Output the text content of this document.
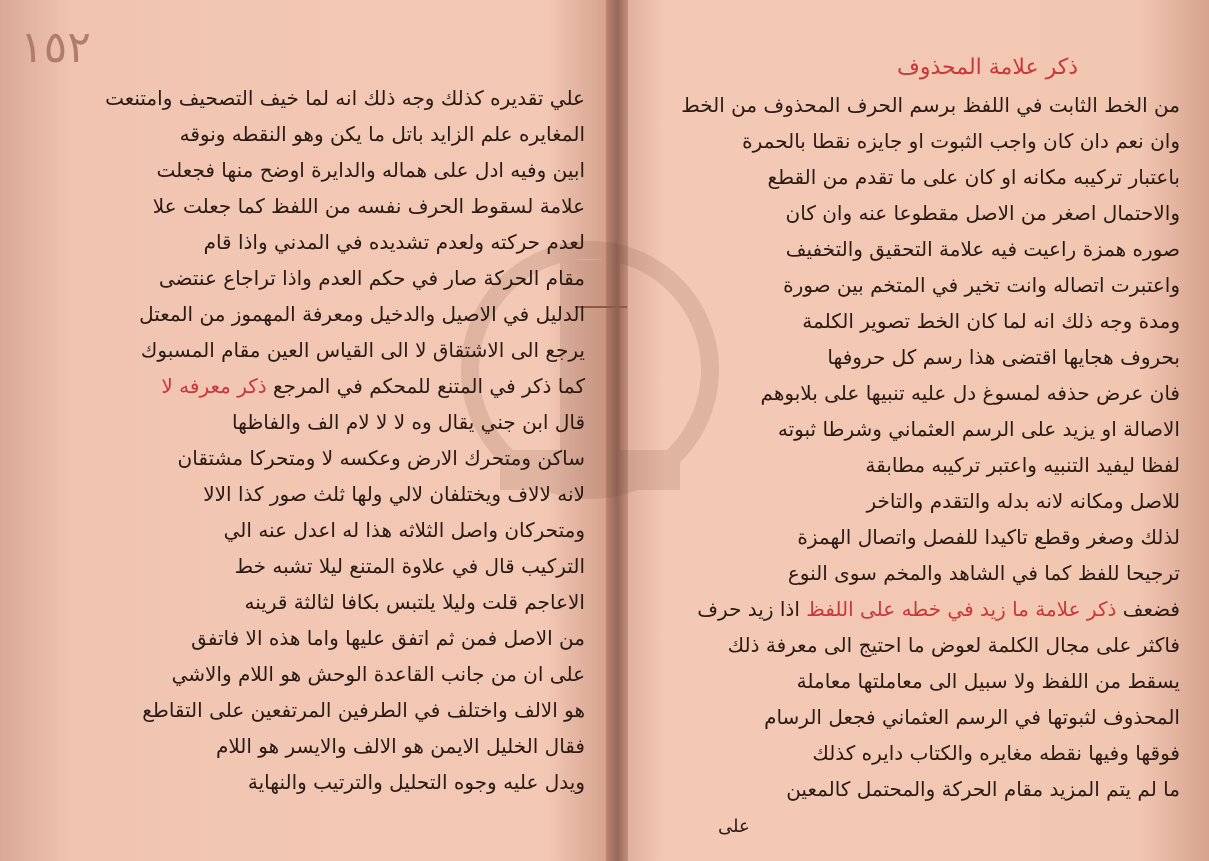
١٥٢
علي تقديره كذلك وجه ذلك انه لما خيف التصحيف وامتنعت
المغايره علم الزايد باتل ما يكن وهو النقطه ونوقه
ابين وفيه ادل على هماله والدايرة اوضح منها فجعلت
علامة لسقوط الحرف نفسه من اللفظ كما جعلت علا
لعدم حركته ولعدم تشديده في المدني واذا قام
مقام الحركة صار في حكم العدم واذا تراجاع عنتضى
الدليل في الاصيل والدخيل ومعرفة المهموز من المعتل
يرجع الى الاشتقاق لا الى القياس العين مقام المسبوك
كما ذكر في المتنع للمحكم في المرجع ذكر معرفه لا
قال ابن جني يقال وه لا لا لام الف والفاظها
ساكن ومتحرك الارض وعكسه لا ومتحركا مشتقان
لانه لالاف ويختلفان لالي ولها ثلث صور كذا الالا
ومتحركان واصل الثلاثه هذا له اعدل عنه الي
التركيب قال في علاوة المتنع ليلا تشبه خط
الاعاجم قلت وليلا يلتبس بكافا لثالثة قرينه
من الاصل فمن ثم اتفق عليها واما هذه الا فاتفق
على ان من جانب القاعدة الوحش هو اللام والاشي
هو الالف واختلف في الطرفين المرتفعين على التقاطع
فقال الخليل الايمن هو الالف والايسر هو اللام
ويدل عليه وجوه التحليل والترتيب والنهاية
ذكر علامة المحذوف
من الخط الثابت في اللفظ برسم الحرف المحذوف من الخط
وان نعم دان كان واجب الثبوت او جايزه نقطا بالحمرة
باعتبار تركيبه مكانه او كان على ما تقدم من القطع
والاحتمال اصغر من الاصل مقطوعا عنه وان كان
صوره همزة راعيت فيه علامة التحقيق والتخفيف
واعتبرت اتصاله وانت تخير في المتخم بين صورة
ومدة وجه ذلك انه لما كان الخط تصوير الكلمة
بحروف هجايها اقتضى هذا رسم كل حروفها
فان عرض حذفه لمسوغ دل عليه تنبيها على بلابوهم
الاصالة او يزيد على الرسم العثماني وشرطا ثبوته
لفظا ليفيد التنبيه واعتبر تركيبه مطابقة
للاصل ومكانه لانه بدله والتقدم والتاخر
لذلك وصغر وقطع تاكيدا للفصل واتصال الهمزة
ترجيحا للفظ كما في الشاهد والمخم سوى النوع
فضعف ذكر علامة ما زيد في خطه على اللفظ اذا زيد حرف
فاكثر على مجال الكلمة لعوض ما احتيج الى معرفة ذلك
يسقط من اللفظ ولا سبيل الى معاملتها معاملة
المحذوف لثبوتها في الرسم العثماني فجعل الرسام
فوقها وفيها نقطه مغايره والكتاب دايره كذلك
ما لم يتم المزيد مقام الحركة والمحتمل كالمعين
على
